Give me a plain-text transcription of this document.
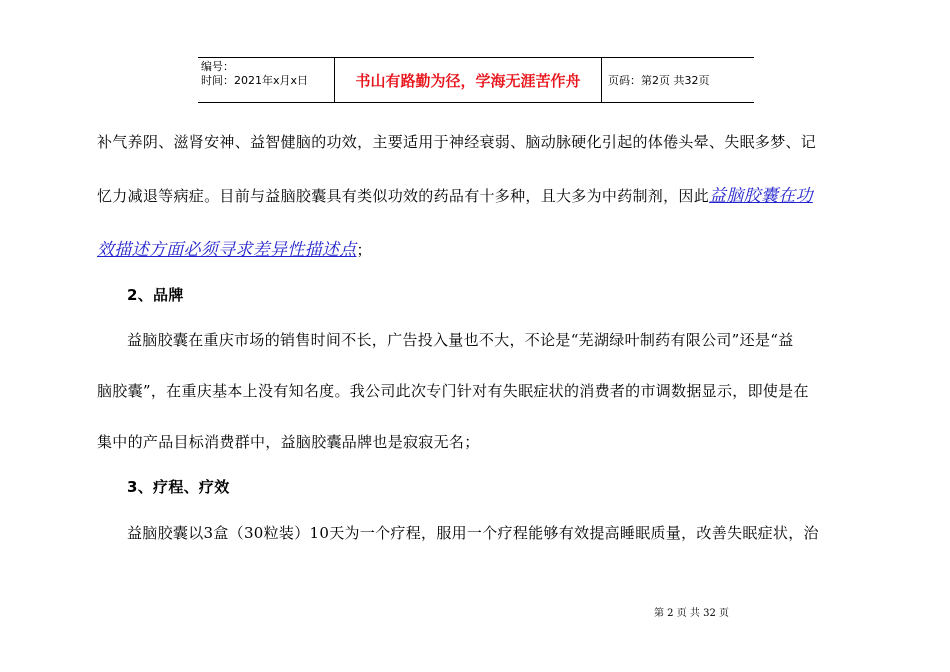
编号：
时间：2021年x月x日	书山有路勤为径，学海无涯苦作舟	页码：第2页 共32页
补气养阴、滋肾安神、益智健脑的功效，主要适用于神经衰弱、脑动脉硬化引起的体倦头晕、失眠多梦、记
忆力减退等病症。目前与益脑胶囊具有类似功效的药品有十多种，且大多为中药制剂，因此益脑胶囊在功
效描述方面必须寻求差异性描述点；
2、品牌
益脑胶囊在重庆市场的销售时间不长，广告投入量也不大，不论是“芜湖绿叶制药有限公司”还是“益
脑胶囊”，在重庆基本上没有知名度。我公司此次专门针对有失眠症状的消费者的市调数据显示，即使是在
集中的产品目标消费群中，益脑胶囊品牌也是寂寂无名；
3、疗程、疗效
益脑胶囊以3盒（30粒装）10天为一个疗程，服用一个疗程能够有效提高睡眠质量，改善失眠症状，治
第 2 页 共 32 页
